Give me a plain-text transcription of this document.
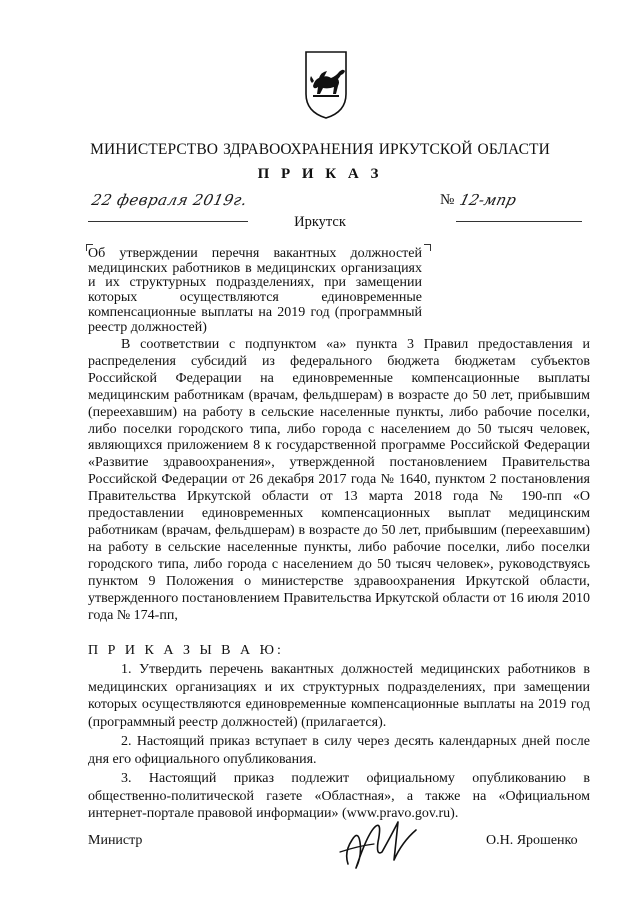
МИНИСТЕРСТВО ЗДРАВООХРАНЕНИЯ ИРКУТСКОЙ ОБЛАСТИ
П Р И К А З
22 февраля 2019г.	№ 12-мпр
Иркутск
Об утверждении перечня вакантных должностей медицинских работников в медицинских организациях и их структурных подразделениях, при замещении которых осуществляются единовременные компенсационные выплаты на 2019 год (программный реестр должностей)

В соответствии с подпунктом «а» пункта 3 Правил предоставления и распределения субсидий из федерального бюджета бюджетам субъектов Российской Федерации на единовременные компенсационные выплаты медицинским работникам (врачам, фельдшерам) в возрасте до 50 лет, прибывшим (переехавшим) на работу в сельские населенные пункты, либо рабочие поселки, либо поселки городского типа, либо города с населением до 50 тысяч человек, являющихся приложением 8 к государственной программе Российской Федерации «Развитие здравоохранения», утвержденной постановлением Правительства Российской Федерации от 26 декабря 2017 года № 1640, пунктом 2 постановления Правительства Иркутской области от 13 марта 2018 года № 190-пп «О предоставлении единовременных компенсационных выплат медицинским работникам (врачам, фельдшерам) в возрасте до 50 лет, прибывшим (переехавшим) на работу в сельские населенные пункты, либо рабочие поселки, либо поселки городского типа, либо города с населением до 50 тысяч человек», руководствуясь пунктом 9 Положения о министерстве здравоохранения Иркутской области, утвержденного постановлением Правительства Иркутской области от 16 июля 2010 года № 174-пп,

П Р И К А З Ы В А Ю:

1. Утвердить перечень вакантных должностей медицинских работников в медицинских организациях и их структурных подразделениях, при замещении которых осуществляются единовременные компенсационные выплаты на 2019 год (программный реестр должностей) (прилагается).

2. Настоящий приказ вступает в силу через десять календарных дней после дня его официального опубликования.

3. Настоящий приказ подлежит официальному опубликованию в общественно-политической газете «Областная», а также на «Официальном интернет-портале правовой информации» (www.pravo.gov.ru).

Министр	О.Н. Ярошенко
